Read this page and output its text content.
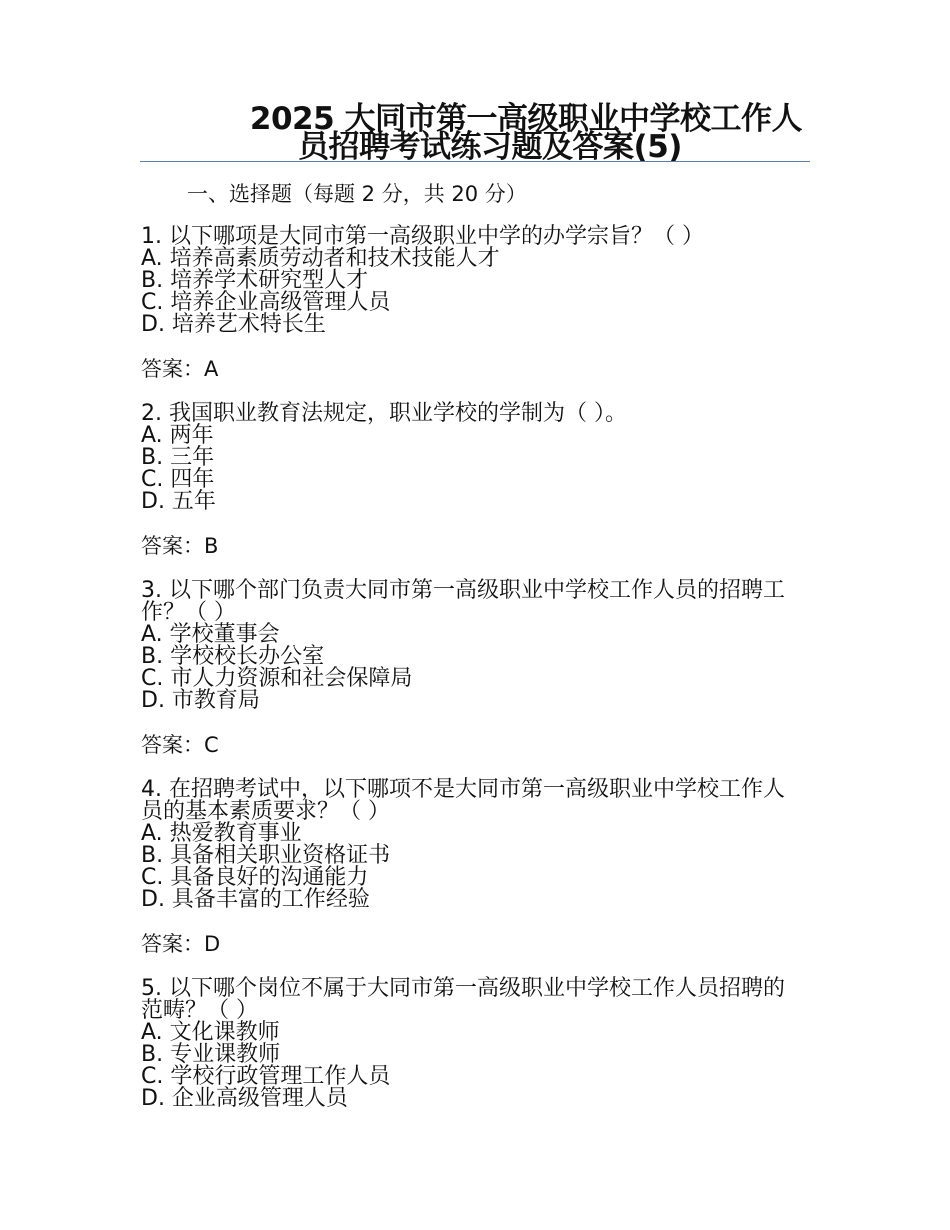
2025 大同市第一高级职业中学校工作人
员招聘考试练习题及答案(5)
一、选择题（每题 2 分，共 20 分）

1. 以下哪项是大同市第一高级职业中学的办学宗旨？（ ）

A. 培养高素质劳动者和技术技能人才

B. 培养学术研究型人才

C. 培养企业高级管理人员

D. 培养艺术特长生

答案：A

2. 我国职业教育法规定，职业学校的学制为（ ）。

A. 两年

B. 三年

C. 四年

D. 五年

答案：B

3. 以下哪个部门负责大同市第一高级职业中学校工作人员的招聘工作？（ ）

A. 学校董事会

B. 学校校长办公室

C. 市人力资源和社会保障局

D. 市教育局

答案：C

4. 在招聘考试中，以下哪项不是大同市第一高级职业中学校工作人员的基本素质要求？（ ）

A. 热爱教育事业

B. 具备相关职业资格证书

C. 具备良好的沟通能力

D. 具备丰富的工作经验

答案：D

5. 以下哪个岗位不属于大同市第一高级职业中学校工作人员招聘的范畴？（ ）

A. 文化课教师

B. 专业课教师

C. 学校行政管理工作人员

D. 企业高级管理人员
